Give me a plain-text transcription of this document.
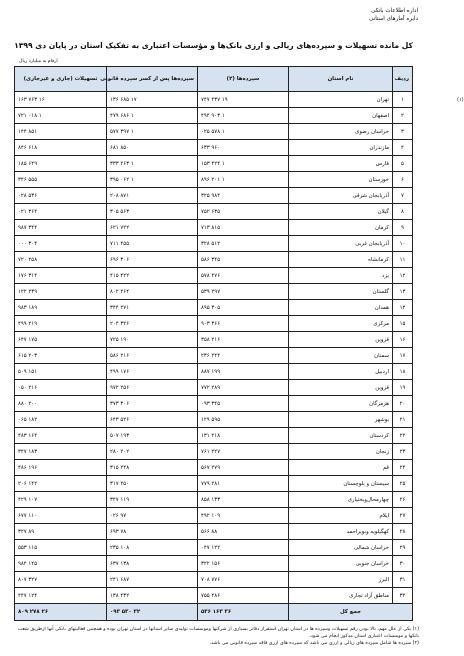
اداره اطلاعات بانکی
دایره آمارهای استانی
کل مانده تسهیلات و سپرده‌های ریالی و ارزی بانک‌ها و مؤسسات اعتباری به تفکیک استان در پایان دی ۱۳۹۹
ارقام به میلیارد ریال
ردیف	نام استان	سپرده‌ها (۲)	سپرده‌ها پس از کسر سپرده قانونی	تسهیلات (جاری و غیرجاری)
۱	تهران (۱)	۱۹ ۴۳۷ ۷۴۷	۱۷ ۶۸۵ ۱۳۶	۱۶ ۷۶۳ ۱۶۳
۲	اصفهان	۱ ۹۰۳ ۴۹۴	۱ ۶۸۶ ۴۷۹	۱ ۰۱۸ ۷۲۱
۳	خراسان رضوی	۱ ۵۷۸ ۰۲۵	۱ ۳۹۷ ۵۷۷	۸۵۱ ۱۴۴
۴	مازندران	۹۶۰ ۶۳۳	۸۵۰ ۶۸۱	۶۱۸ ۸۴۶
۵	فارس	۱ ۴۲۴ ۱۵۳	۱ ۲۶۳ ۳۳۳	۶۴۹ ۱۸۵
۶	خوزستان	۱ ۲۰۱ ۸۹۶	۱ ۰۶۲ ۳۹۵	۵۵۵ ۳۴۶
۷	آذربایجان شرقی	۹۸۴ ۳۲۵	۸۷۱ ۲۰۸	۵۳۶ ۰۲۸
۸	گیلان	۶۳۵ ۷۵۲	۵۶۳ ۳۰۵	۳۶۴ ۰۲۱
۹	کرمان	۸۱۵ ۷۱۳	۷۲۲ ۶۲۱	۳۴۴ ۹۸۷
۱۰	آذربایجان غربی	۵۱۲ ۳۲۸	۴۵۵ ۷۱۱	۳۰۴ ۰۰۰
۱۱	کرمانشاه	۳۴۵ ۵۸۶	۳۰۶ ۶۹۶	۲۵۸ ۷۲۰
۱۲	یزد	۴۷۶ ۵۷۸	۴۲۲ ۴۱۵	۳۱۴ ۱۷۶
۱۳	گلستان	۲۹۷ ۵۳۹	۲۶۴ ۸۰۲	۲۳۹ ۱۲۲
۱۴	همدان	۳۰۵ ۸۹۵	۲۷۱ ۳۴۴	۱۸۹ ۹۸۳
۱۵	مرکزی	۳۶۶ ۹۰۳	۳۲۶ ۲۰۴	۲۱۹ ۴۹۹
۱۶	قزوین	۲۱۶ ۳۵۸	۱۹۰ ۷۲۵	۱۷۵ ۶۴۷
۱۷	سمنان	۲۴۴ ۲۳۶	۲۱۶ ۵۸۶	۲۰۳ ۶۱۵
۱۸	اردبیل	۱۹۹ ۸۸۷	۱۷۶ ۴۹۹	۱۵۱ ۵۰۹
۱۹	قزوین	۲۸۹ ۷۷۲	۲۵۶ ۹۷۲	۲۱۶ ۰۵۰
۲۰	هرمزگان	۳۴۵ ۰۹۳	۳۰۶ ۳۷۳	۲۰۰ ۸۸۰
۲۱	بوشهر	۵۹۵ ۱۲۹	۵۲۶ ۶۴۳	۱۸۲ ۰۶۵
۲۲	کردستان	۲۱۸ ۱۳۱	۱۹۳ ۵۰۷	۱۶۴ ۴۸۳
۲۳	زنجان	۲۲۷ ۷۶۱	۲۰۲ ۲۸۰	۱۸۳ ۳۴۷
۲۴	قم	۲۷۹ ۵۶۷	۲۴۸ ۳۱۵	۱۹۶ ۴۸۶
۲۵	سیستان و بلوچستان	۲۸۱ ۷۷۹	۲۵۰ ۳۱۷	۱۴۲ ۲۰۶
۲۶	چهارمحال‌وبختیاری	۱۳۳ ۸۵۸	۱۱۹ ۳۴۷	۱۰۷ ۴۲۹
۲۷	ایلام	۱۰۹ ۴۹۲	۹۷ ۰۲۶	۱۱۰ ۶۷۷
۲۸	کهگیلویه وبویراحمد	۸۸ ۵۶۶	۷۸ ۶۹۳	۸۹ ۳۲۷
۲۹	خراسان شمالی	۱۲۲ ۰۴۷	۱۰۸ ۲۳۵	۱۱۵ ۵۵۳
۳۰	خراسان جنوبی	۱۵۶ ۳۲۲	۱۳۸ ۶۳۷	۱۴۵ ۹۸۴
۳۱	البرز	۷۷۶ ۷۰۸	۶۸۷ ۲۴۱	۳۲۷ ۸۰۷
۳۲	مناطق آزاد تجاری	۴۸۶ ۷۵۵	۴۳۲ ۱۳۸	۱۲۴ ۴۴۷
جمع کل		۳۶ ۱۶۳ ۵۳۶	۳۲ ۵۳۰ ۰۹۳	۲۶ ۲۷۸ ۸۰۹

(۱) یکی از علل مهم، بالا بودن رقم تسهیلات وسپرده ها در استان تهران استقرار دفاتر بسیاری از شرکتها وموسسات تولیدی سایر استانها در استان تهران بوده و همچنین فعالیتهای بانکی آنها ازطریق شعب بانکها و موسسات اعتباری استان مذکور انجام می شود.

(۲) سپرده ها شامل سپرده های ریالی و ارزی می باشد که سپرده های ارزی فاقد سپرده قانونی می باشد.
